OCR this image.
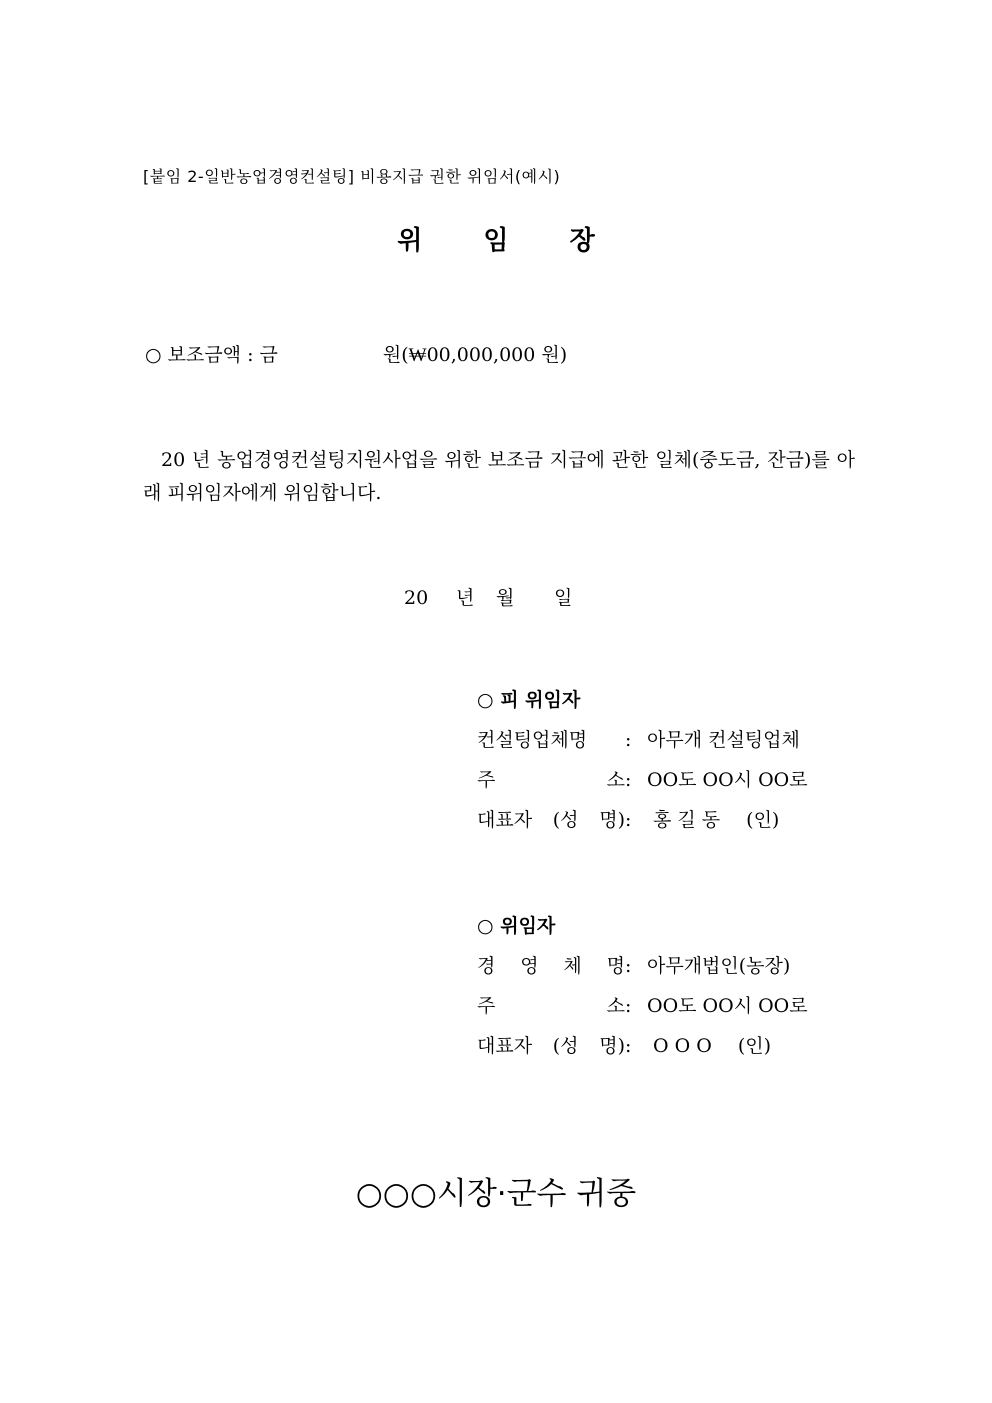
[붙임 2-일반농업경영컨설팅] 비용지급 권한 위임서(예시)
위 임 장
○ 보조금액 : 금	원(₩00,000,000 원)
20 년 농업경영컨설팅지원사업을 위한 보조금 지급에 관한 일체(중도금, 잔금)를 아래 피위임자에게 위임합니다.
20 년 월 일
○ 피 위임자
컨설팅업체명 : 아무개 컨설팅업체
주	소: OO도 OO시 OO로
대표자 (성 명): 홍 길 동 (인)
○ 위임자
경 영 체 명: 아무개법인(농장)
주	소: OO도 OO시 OO로
대표자 (성 명): O O O (인)
○○○시장·군수 귀중
